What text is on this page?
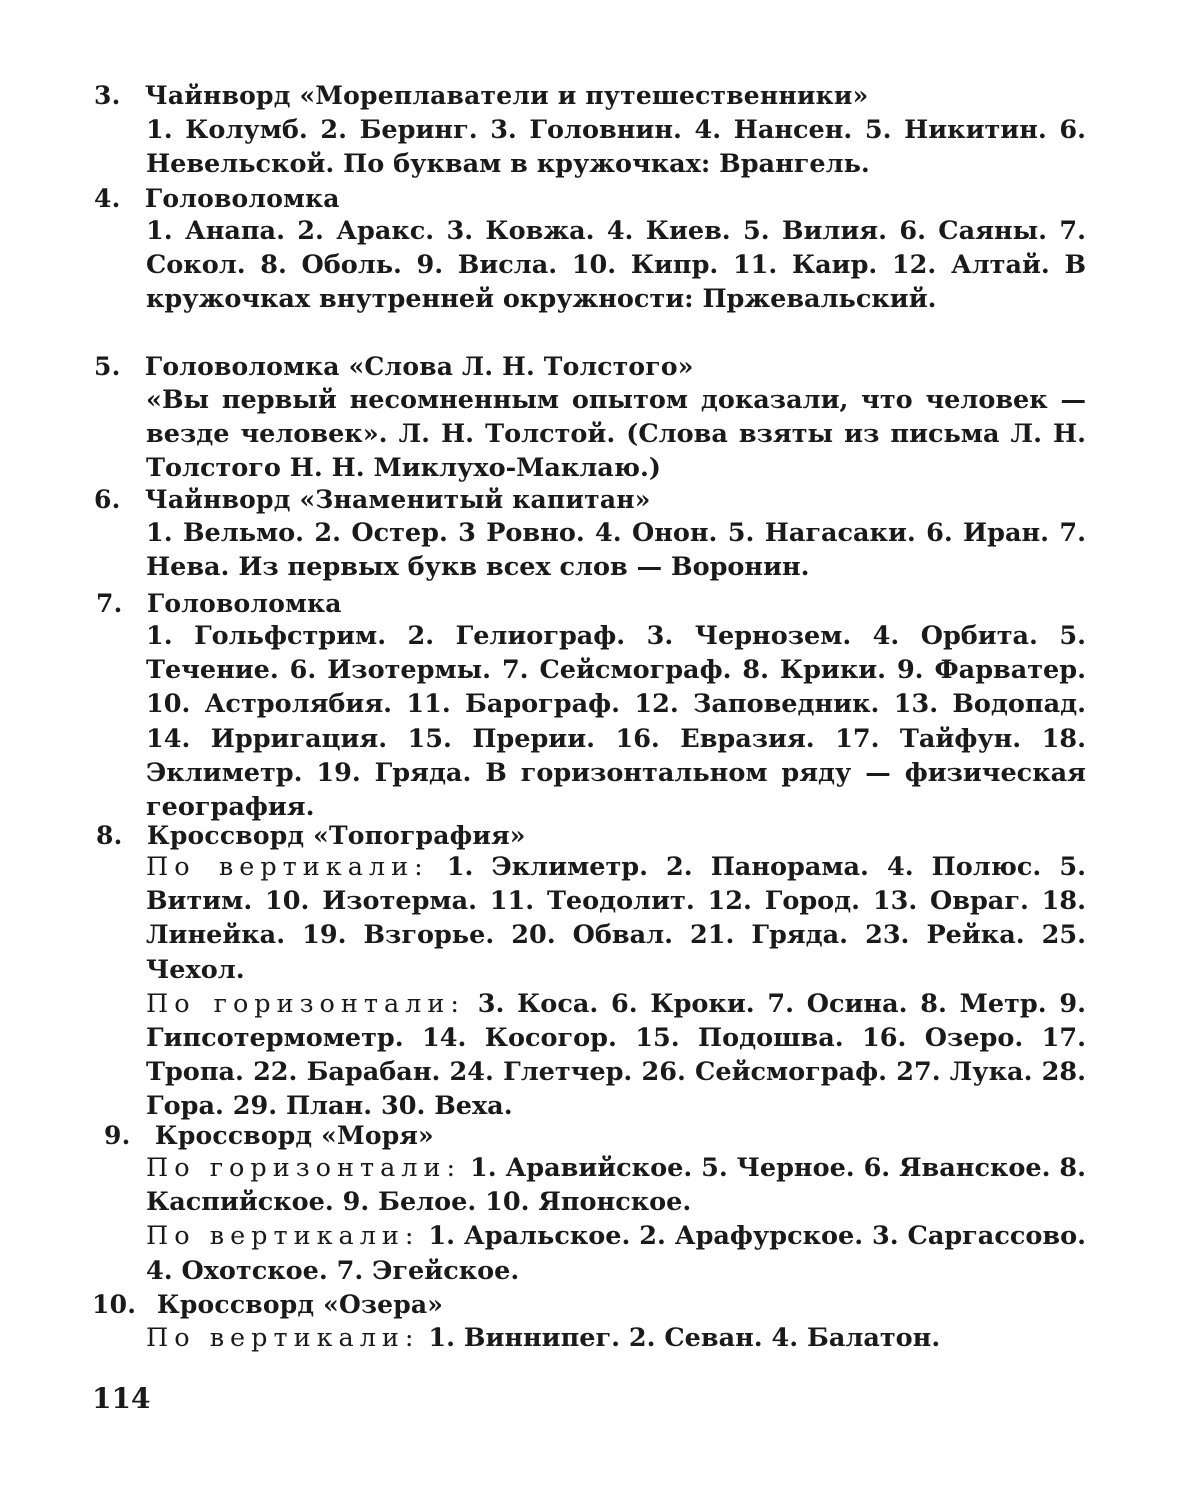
3. Чайнворд «Мореплаватели и путешественники»

1. Колумб. 2. Беринг. 3. Головнин. 4. Нансен. 5. Никитин. 6. Невельской. По буквам в кружочках: Врангель.

4. Головоломка

1. Анапа. 2. Аракс. 3. Ковжа. 4. Киев. 5. Вилия. 6. Саяны. 7. Сокол. 8. Оболь. 9. Висла. 10. Кипр. 11. Каир. 12. Алтай. В кружочках внутренней окружности: Пржевальский.

5. Головоломка «Слова Л. Н. Толстого»

«Вы первый несомненным опытом доказали, что человек — везде человек». Л. Н. Толстой. (Слова взяты из письма Л. Н. Толстого Н. Н. Миклухо-Маклаю.)

6. Чайнворд «Знаменитый капитан»

1. Вельмо. 2. Остер. 3 Ровно. 4. Онон. 5. Нагасаки. 6. Иран. 7. Нева. Из первых букв всех слов — Воронин.

7. Головоломка

1. Гольфстрим. 2. Гелиограф. 3. Чернозем. 4. Орбита. 5. Течение. 6. Изотермы. 7. Сейсмограф. 8. Крики. 9. Фарватер. 10. Астролябия. 11. Барограф. 12. Заповедник. 13. Водопад. 14. Ирригация. 15. Прерии. 16. Евразия. 17. Тайфун. 18. Эклиметр. 19. Гряда. В горизонтальном ряду — физическая география.

8. Кроссворд «Топография»

По вертикали: 1. Эклиметр. 2. Панорама. 4. Полюс. 5. Витим. 10. Изотерма. 11. Теодолит. 12. Город. 13. Овраг. 18. Линейка. 19. Взгорье. 20. Обвал. 21. Гряда. 23. Рейка. 25. Чехол.

По горизонтали: 3. Коса. 6. Кроки. 7. Осина. 8. Метр. 9. Гипсотермометр. 14. Косогор. 15. Подошва. 16. Озеро. 17. Тропа. 22. Барабан. 24. Глетчер. 26. Сейсмограф. 27. Лука. 28. Гора. 29. План. 30. Веха.

9. Кроссворд «Моря»

По горизонтали: 1. Аравийское. 5. Черное. 6. Яванское. 8. Каспийское. 9. Белое. 10. Японское.

По вертикали: 1. Аральское. 2. Арафурское. 3. Саргассово. 4. Охотское. 7. Эгейское.

10. Кроссворд «Озера»

По вертикали: 1. Виннипег. 2. Севан. 4. Балатон.

114
